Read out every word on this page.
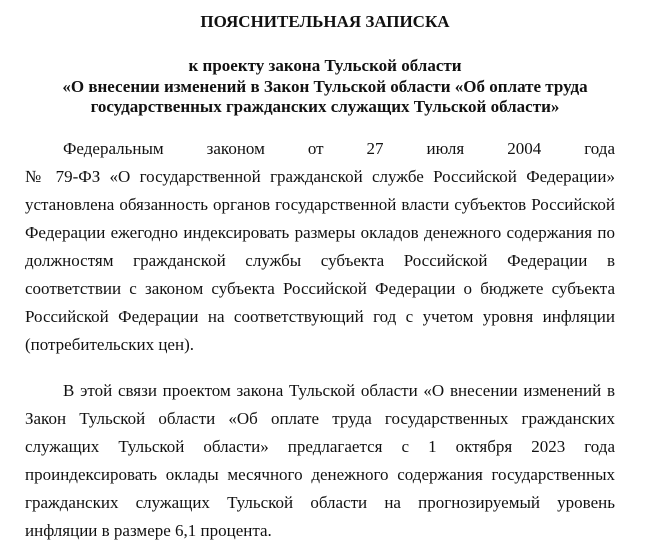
ПОЯСНИТЕЛЬНАЯ ЗАПИСКА

к проекту закона Тульской области

«О внесении изменений в Закон Тульской области «Об оплате труда

государственных гражданских служащих Тульской области»

Федеральным законом от 27 июля 2004 года
№ 79-ФЗ «О государственной гражданской службе Российской Федерации»
установлена обязанность органов государственной власти субъектов Российской
Федерации ежегодно индексировать размеры окладов денежного содержания по
должностям гражданской службы субъекта Российской Федерации в
соответствии с законом субъекта Российской Федерации о бюджете субъекта
Российской Федерации на соответствующий год с учетом уровня инфляции
(потребительских цен).
В этой связи проектом закона Тульской области «О внесении изменений в
Закон Тульской области «Об оплате труда государственных гражданских
служащих Тульской области» предлагается с 1 октября 2023 года
проиндексировать оклады месячного денежного содержания государственных
гражданских служащих Тульской области на прогнозируемый уровень
инфляции в размере 6,1 процента.
